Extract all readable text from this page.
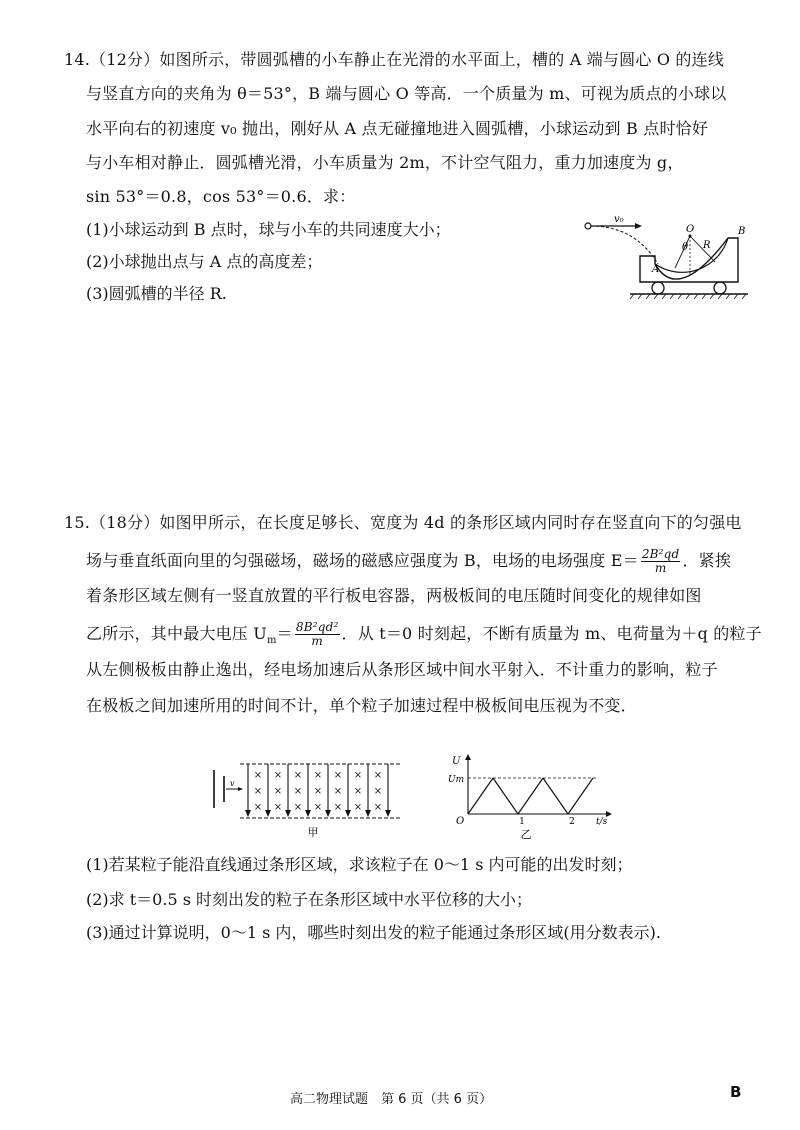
14.（12分）如图所示，带圆弧槽的小车静止在光滑的水平面上，槽的 A 端与圆心 O 的连线
与竖直方向的夹角为 θ＝53°，B 端与圆心 O 等高．一个质量为 m、可视为质点的小球以
水平向右的初速度 v₀ 抛出，刚好从 A 点无碰撞地进入圆弧槽，小球运动到 B 点时恰好
与小车相对静止．圆弧槽光滑，小车质量为 2m，不计空气阻力，重力加速度为 g，
sin 53°＝0.8，cos 53°＝0.6．求：
(1)小球运动到 B 点时，球与小车的共同速度大小；
(2)小球抛出点与 A 点的高度差；
(3)圆弧槽的半径 R.
v₀
O
θ R
A
B
15.（18分）如图甲所示，在长度足够长、宽度为 4d 的条形区域内同时存在竖直向下的匀强电
场与垂直纸面向里的匀强磁场，磁场的磁感应强度为 B，电场的电场强度 $E= \frac{\text{2B²qd}}{m}$ ．紧挨
着条形区域左侧有一竖直放置的平行板电容器，两极板间的电压随时间变化的规律如图
乙所示，其中最大电压 $U_m= \frac{\text{8B²qd²}}{m}$ ．从 t＝0 时刻起，不断有质量为 m、电荷量为＋q 的粒子
从左侧极板由静止逸出，经电场加速后从条形区域中间水平射入．不计重力的影响，粒子
在极板之间加速所用的时间不计，单个粒子加速过程中极板间电压视为不变．
v
× × × × × × ×
× × × × × × ×
× × × × × × ×
甲
U
Um
O	1	2 t/s
乙
(1)若某粒子能沿直线通过条形区域，求该粒子在 0～1 s 内可能的出发时刻；
(2)求 t＝0.5 s 时刻出发的粒子在条形区域中水平位移的大小；
(3)通过计算说明，0～1 s 内，哪些时刻出发的粒子能通过条形区域(用分数表示).
高二物理试题　第 6 页（共 6 页）	B
